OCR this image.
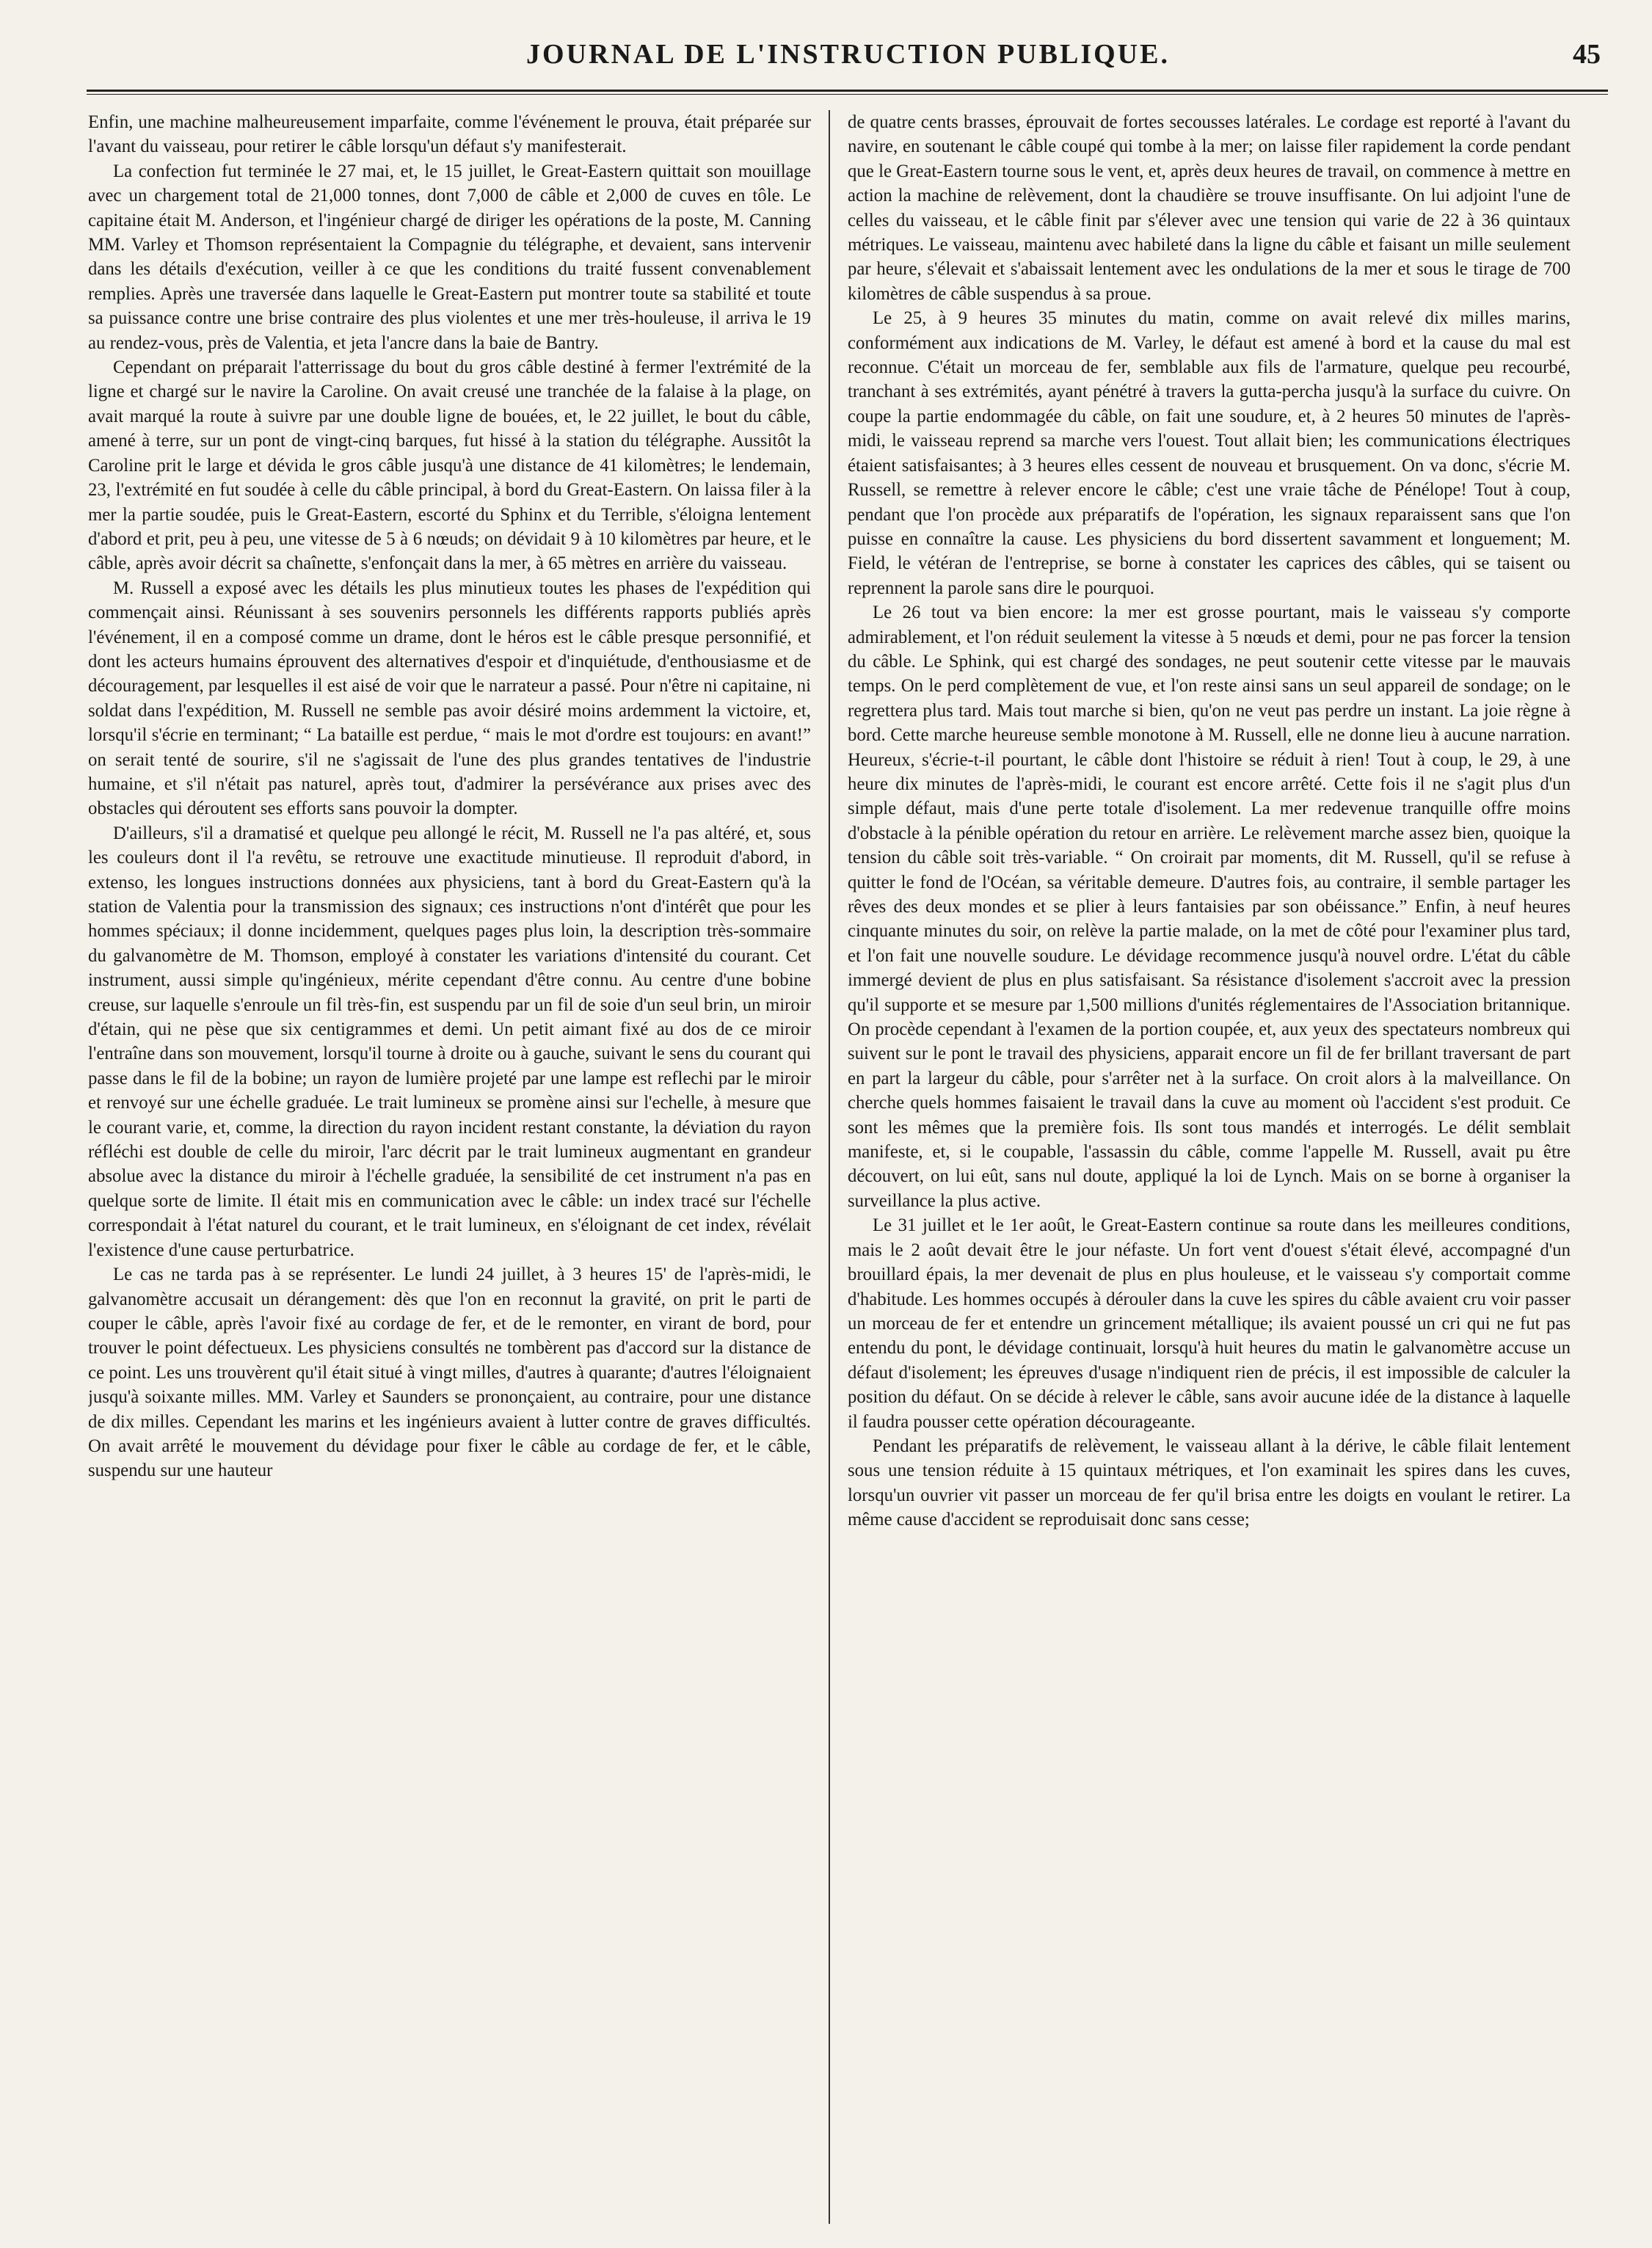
JOURNAL DE L'INSTRUCTION PUBLIQUE.	45

Enfin, une machine malheureusement imparfaite, comme l'événement le prouva, était préparée sur l'avant du vaisseau, pour retirer le câble lorsqu'un défaut s'y manifesterait.

La confection fut terminée le 27 mai, et, le 15 juillet, le Great-Eastern quittait son mouillage avec un chargement total de 21,000 tonnes, dont 7,000 de câble et 2,000 de cuves en tôle. Le capitaine était M. Anderson, et l'ingénieur chargé de diriger les opérations de la poste, M. Canning MM. Varley et Thomson représentaient la Compagnie du télégraphe, et devaient, sans intervenir dans les détails d'exécution, veiller à ce que les conditions du traité fussent convenablement remplies. Après une traversée dans laquelle le Great-Eastern put montrer toute sa stabilité et toute sa puissance contre une brise contraire des plus violentes et une mer très-houleuse, il arriva le 19 au rendez-vous, près de Valentia, et jeta l'ancre dans la baie de Bantry.

Cependant on préparait l'atterrissage du bout du gros câble destiné à fermer l'extrémité de la ligne et chargé sur le navire la Caroline. On avait creusé une tranchée de la falaise à la plage, on avait marqué la route à suivre par une double ligne de bouées, et, le 22 juillet, le bout du câble, amené à terre, sur un pont de vingt-cinq barques, fut hissé à la station du télégraphe. Aussitôt la Caroline prit le large et dévida le gros câble jusqu'à une distance de 41 kilomètres; le lendemain, 23, l'extrémité en fut soudée à celle du câble principal, à bord du Great-Eastern. On laissa filer à la mer la partie soudée, puis le Great-Eastern, escorté du Sphinx et du Terrible, s'éloigna lentement d'abord et prit, peu à peu, une vitesse de 5 à 6 nœuds; on dévidait 9 à 10 kilomètres par heure, et le câble, après avoir décrit sa chaînette, s'enfonçait dans la mer, à 65 mètres en arrière du vaisseau.

M. Russell a exposé avec les détails les plus minutieux toutes les phases de l'expédition qui commençait ainsi. Réunissant à ses souvenirs personnels les différents rapports publiés après l'événement, il en a composé comme un drame, dont le héros est le câble presque personnifié, et dont les acteurs humains éprouvent des alternatives d'espoir et d'inquiétude, d'enthousiasme et de découragement, par lesquelles il est aisé de voir que le narrateur a passé. Pour n'être ni capitaine, ni soldat dans l'expédition, M. Russell ne semble pas avoir désiré moins ardemment la victoire, et, lorsqu'il s'écrie en terminant; “ La bataille est perdue, “ mais le mot d'ordre est toujours: en avant!” on serait tenté de sourire, s'il ne s'agissait de l'une des plus grandes tentatives de l'industrie humaine, et s'il n'était pas naturel, après tout, d'admirer la persévérance aux prises avec des obstacles qui déroutent ses efforts sans pouvoir la dompter.

D'ailleurs, s'il a dramatisé et quelque peu allongé le récit, M. Russell ne l'a pas altéré, et, sous les couleurs dont il l'a revêtu, se retrouve une exactitude minutieuse. Il reproduit d'abord, in extenso, les longues instructions données aux physiciens, tant à bord du Great-Eastern qu'à la station de Valentia pour la transmission des signaux; ces instructions n'ont d'intérêt que pour les hommes spéciaux; il donne incidemment, quelques pages plus loin, la description très-sommaire du galvanomètre de M. Thomson, employé à constater les variations d'intensité du courant. Cet instrument, aussi simple qu'ingénieux, mérite cependant d'être connu. Au centre d'une bobine creuse, sur laquelle s'enroule un fil très-fin, est suspendu par un fil de soie d'un seul brin, un miroir d'étain, qui ne pèse que six centigrammes et demi. Un petit aimant fixé au dos de ce miroir l'entraîne dans son mouvement, lorsqu'il tourne à droite ou à gauche, suivant le sens du courant qui passe dans le fil de la bobine; un rayon de lumière projeté par une lampe est reflechi par le miroir et renvoyé sur une échelle graduée. Le trait lumineux se promène ainsi sur l'echelle, à mesure que le courant varie, et, comme, la direction du rayon incident restant constante, la déviation du rayon réfléchi est double de celle du miroir, l'arc décrit par le trait lumineux augmentant en grandeur absolue avec la distance du miroir à l'échelle graduée, la sensibilité de cet instrument n'a pas en quelque sorte de limite. Il était mis en communication avec le câble: un index tracé sur l'échelle correspondait à l'état naturel du courant, et le trait lumineux, en s'éloignant de cet index, révélait l'existence d'une cause perturbatrice.

Le cas ne tarda pas à se représenter. Le lundi 24 juillet, à 3 heures 15' de l'après-midi, le galvanomètre accusait un dérangement: dès que l'on en reconnut la gravité, on prit le parti de couper le câble, après l'avoir fixé au cordage de fer, et de le remonter, en virant de bord, pour trouver le point défectueux. Les physiciens consultés ne tombèrent pas d'accord sur la distance de ce point. Les uns trouvèrent qu'il était situé à vingt milles, d'autres à quarante; d'autres l'éloignaient jusqu'à soixante milles. MM. Varley et Saunders se prononçaient, au contraire, pour une distance de dix milles. Cependant les marins et les ingénieurs avaient à lutter contre de graves difficultés. On avait arrêté le mouvement du dévidage pour fixer le câble au cordage de fer, et le câble, suspendu sur une hauteur

de quatre cents brasses, éprouvait de fortes secousses latérales. Le cordage est reporté à l'avant du navire, en soutenant le câble coupé qui tombe à la mer; on laisse filer rapidement la corde pendant que le Great-Eastern tourne sous le vent, et, après deux heures de travail, on commence à mettre en action la machine de relèvement, dont la chaudière se trouve insuffisante. On lui adjoint l'une de celles du vaisseau, et le câble finit par s'élever avec une tension qui varie de 22 à 36 quintaux métriques. Le vaisseau, maintenu avec habileté dans la ligne du câble et faisant un mille seulement par heure, s'élevait et s'abaissait lentement avec les ondulations de la mer et sous le tirage de 700 kilomètres de câble suspendus à sa proue.

Le 25, à 9 heures 35 minutes du matin, comme on avait relevé dix milles marins, conformément aux indications de M. Varley, le défaut est amené à bord et la cause du mal est reconnue. C'était un morceau de fer, semblable aux fils de l'armature, quelque peu recourbé, tranchant à ses extrémités, ayant pénétré à travers la gutta-percha jusqu'à la surface du cuivre. On coupe la partie endommagée du câble, on fait une soudure, et, à 2 heures 50 minutes de l'après-midi, le vaisseau reprend sa marche vers l'ouest. Tout allait bien; les communications électriques étaient satisfaisantes; à 3 heures elles cessent de nouveau et brusquement. On va donc, s'écrie M. Russell, se remettre à relever encore le câble; c'est une vraie tâche de Pénélope! Tout à coup, pendant que l'on procède aux préparatifs de l'opération, les signaux reparaissent sans que l'on puisse en connaître la cause. Les physiciens du bord dissertent savamment et longuement; M. Field, le vétéran de l'entreprise, se borne à constater les caprices des câbles, qui se taisent ou reprennent la parole sans dire le pourquoi.

Le 26 tout va bien encore: la mer est grosse pourtant, mais le vaisseau s'y comporte admirablement, et l'on réduit seulement la vitesse à 5 nœuds et demi, pour ne pas forcer la tension du câble. Le Sphink, qui est chargé des sondages, ne peut soutenir cette vitesse par le mauvais temps. On le perd complètement de vue, et l'on reste ainsi sans un seul appareil de sondage; on le regrettera plus tard. Mais tout marche si bien, qu'on ne veut pas perdre un instant. La joie règne à bord. Cette marche heureuse semble monotone à M. Russell, elle ne donne lieu à aucune narration. Heureux, s'écrie-t-il pourtant, le câble dont l'histoire se réduit à rien! Tout à coup, le 29, à une heure dix minutes de l'après-midi, le courant est encore arrêté. Cette fois il ne s'agit plus d'un simple défaut, mais d'une perte totale d'isolement. La mer redevenue tranquille offre moins d'obstacle à la pénible opération du retour en arrière. Le relèvement marche assez bien, quoique la tension du câble soit très-variable. “ On croirait par moments, dit M. Russell, qu'il se refuse à quitter le fond de l'Océan, sa véritable demeure. D'autres fois, au contraire, il semble partager les rêves des deux mondes et se plier à leurs fantaisies par son obéissance.” Enfin, à neuf heures cinquante minutes du soir, on relève la partie malade, on la met de côté pour l'examiner plus tard, et l'on fait une nouvelle soudure. Le dévidage recommence jusqu'à nouvel ordre. L'état du câble immergé devient de plus en plus satisfaisant. Sa résistance d'isolement s'accroit avec la pression qu'il supporte et se mesure par 1,500 millions d'unités réglementaires de l'Association britannique. On procède cependant à l'examen de la portion coupée, et, aux yeux des spectateurs nombreux qui suivent sur le pont le travail des physiciens, apparait encore un fil de fer brillant traversant de part en part la largeur du câble, pour s'arrêter net à la surface. On croit alors à la malveillance. On cherche quels hommes faisaient le travail dans la cuve au moment où l'accident s'est produit. Ce sont les mêmes que la première fois. Ils sont tous mandés et interrogés. Le délit semblait manifeste, et, si le coupable, l'assassin du câble, comme l'appelle M. Russell, avait pu être découvert, on lui eût, sans nul doute, appliqué la loi de Lynch. Mais on se borne à organiser la surveillance la plus active.

Le 31 juillet et le 1er août, le Great-Eastern continue sa route dans les meilleures conditions, mais le 2 août devait être le jour néfaste. Un fort vent d'ouest s'était élevé, accompagné d'un brouillard épais, la mer devenait de plus en plus houleuse, et le vaisseau s'y comportait comme d'habitude. Les hommes occupés à dérouler dans la cuve les spires du câble avaient cru voir passer un morceau de fer et entendre un grincement métallique; ils avaient poussé un cri qui ne fut pas entendu du pont, le dévidage continuait, lorsqu'à huit heures du matin le galvanomètre accuse un défaut d'isolement; les épreuves d'usage n'indiquent rien de précis, il est impossible de calculer la position du défaut. On se décide à relever le câble, sans avoir aucune idée de la distance à laquelle il faudra pousser cette opération décourageante.

Pendant les préparatifs de relèvement, le vaisseau allant à la dérive, le câble filait lentement sous une tension réduite à 15 quintaux métriques, et l'on examinait les spires dans les cuves, lorsqu'un ouvrier vit passer un morceau de fer qu'il brisa entre les doigts en voulant le retirer. La même cause d'accident se reproduisait donc sans cesse;
